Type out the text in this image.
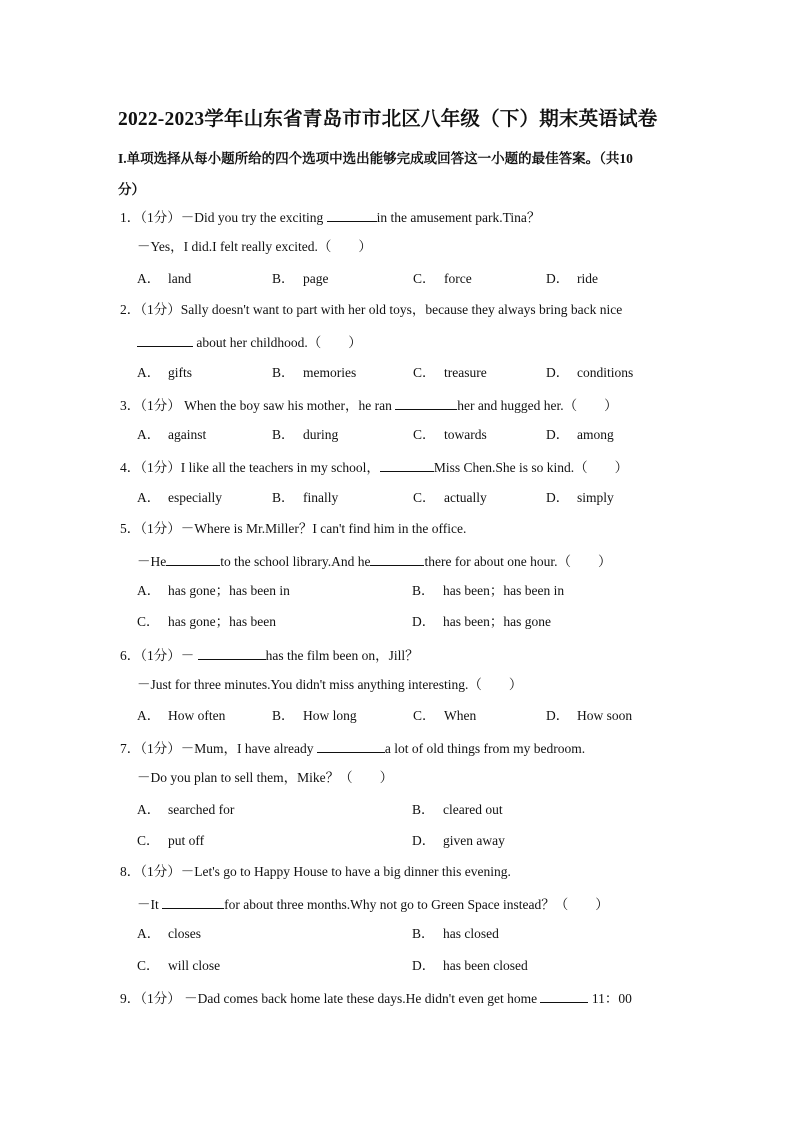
2022-2023学年山东省青岛市市北区八年级（下）期末英语试卷
I.单项选择从每小题所给的四个选项中选出能够完成或回答这一小题的最佳答案。（共10
分）
1．（1分）－Did you try the exciting	in the amusement park.Tina？
－Yes，I did.I felt really excited.（　　）
A． land	B． page	C． force	D． ride
2．（1分）Sally doesn't want to part with her old toys，because they always bring back nice
about her childhood.（　　）
A． gifts	B． memories	C． treasure	D． conditions
3．（1分） When the boy saw his mother，he ran	her and hugged her.（　　）
A． against	B． during	C． towards	D． among
4．（1分）I like all the teachers in my school，	Miss Chen.She is so kind.（　　）
A． especially	B． finally	C． actually	D． simply
5．（1分）－Where is Mr.Miller？I can't find him in the office.
－He	to the school library.And he	there for about one hour.（　　）
A． has gone；has been in	B． has been；has been in
C． has gone；has been	D． has been；has gone
6．（1分）－	has the film been on，Jill？
－Just for three minutes.You didn't miss anything interesting.（　　）
A． How often	B． How long	C． When	D． How soon
7．（1分）－Mum，I have already	a lot of old things from my bedroom.
－Do you plan to sell them，Mike？（　　）
A． searched for	B． cleared out
C． put off	D． given away
8．（1分）－Let's go to Happy House to have a big dinner this evening.
－It	for about three months.Why not go to Green Space instead？（　　）
A． closes	B． has closed
C． will close	D． has been closed
9．（1分） －Dad comes back home late these days.He didn't even get home	11：00
